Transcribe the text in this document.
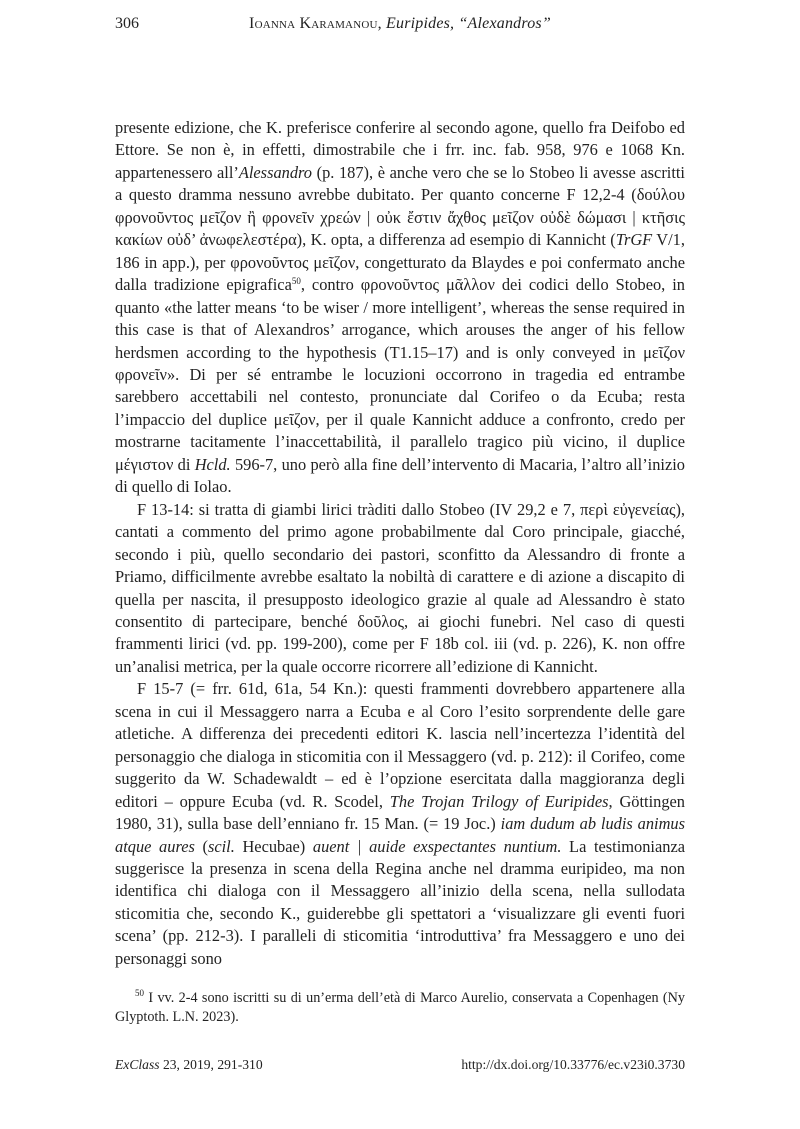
306	Ioanna Karamanou, Euripides, “Alexandros”

presente edizione, che K. preferisce conferire al secondo agone, quello fra Deifobo ed Ettore. Se non è, in effetti, dimostrabile che i frr. inc. fab. 958, 976 e 1068 Kn. appartenessero all’Alessandro (p. 187), è anche vero che se lo Stobeo li avesse ascritti a questo dramma nessuno avrebbe dubitato. Per quanto concerne F 12,2-4 (δούλου φρονοῦντος μεῖζον ἢ φρονεῖν χρεών | οὐκ ἔστιν ἄχθος μεῖζον οὐδὲ δώμασι | κτῆσις κακίων οὐδ’ ἀνωφελεστέρα), K. opta, a differenza ad esempio di Kannicht (TrGF V/1, 186 in app.), per φρονοῦντος μεῖζον, congetturato da Blaydes e poi confermato anche dalla tradizione epigrafica$^{50}$, contro φρονοῦντος μᾶλλον dei codici dello Stobeo, in quanto «the latter means ‘to be wiser / more intelligent’, whereas the sense required in this case is that of Alexandros’ arrogance, which arouses the anger of his fellow herdsmen according to the hypothesis (T1.15–17) and is only conveyed in μεῖζον φρονεῖν». Di per sé entrambe le locuzioni occorrono in tragedia ed entrambe sarebbero accettabili nel contesto, pronunciate dal Corifeo o da Ecuba; resta l’impaccio del duplice μεῖζον, per il quale Kannicht adduce a confronto, credo per mostrarne tacitamente l’inaccettabilità, il parallelo tragico più vicino, il duplice μέγιστον di Hcld. 596-7, uno però alla fine dell’intervento di Macaria, l’altro all’inizio di quello di Iolao.

F 13-14: si tratta di giambi lirici tràditi dallo Stobeo (IV 29,2 e 7, περὶ εὐγενείας), cantati a commento del primo agone probabilmente dal Coro principale, giacché, secondo i più, quello secondario dei pastori, sconfitto da Alessandro di fronte a Priamo, difficilmente avrebbe esaltato la nobiltà di carattere e di azione a discapito di quella per nascita, il presupposto ideologico grazie al quale ad Alessandro è stato consentito di partecipare, benché δοῦλος, ai giochi funebri. Nel caso di questi frammenti lirici (vd. pp. 199-200), come per F 18b col. iii (vd. p. 226), K. non offre un’analisi metrica, per la quale occorre ricorrere all’edizione di Kannicht.

F 15-7 (= frr. 61d, 61a, 54 Kn.): questi frammenti dovrebbero appartenere alla scena in cui il Messaggero narra a Ecuba e al Coro l’esito sorprendente delle gare atletiche. A differenza dei precedenti editori K. lascia nell’incertezza l’identità del personaggio che dialoga in sticomitia con il Messaggero (vd. p. 212): il Corifeo, come suggerito da W. Schadewaldt – ed è l’opzione esercitata dalla maggioranza degli editori – oppure Ecuba (vd. R. Scodel, The Trojan Trilogy of Euripides, Göttingen 1980, 31), sulla base dell’enniano fr. 15 Man. (= 19 Joc.) iam dudum ab ludis animus atque aures (scil. Hecubae) auent | auide exspectantes nuntium. La testimonianza suggerisce la presenza in scena della Regina anche nel dramma euripideo, ma non identifica chi dialoga con il Messaggero all’inizio della scena, nella sullodata sticomitia che, secondo K., guiderebbe gli spettatori a ‘visualizzare gli eventi fuori scena’ (pp. 212-3). I paralleli di sticomitia ‘introduttiva’ fra Messaggero e uno dei personaggi sono

$^{50}$ I vv. 2-4 sono iscritti su di un’erma dell’età di Marco Aurelio, conservata a Copenhagen (Ny Glyptoth. L.N. 2023).
ExClass 23, 2019, 291-310	http://dx.doi.org/10.33776/ec.v23i0.3730
